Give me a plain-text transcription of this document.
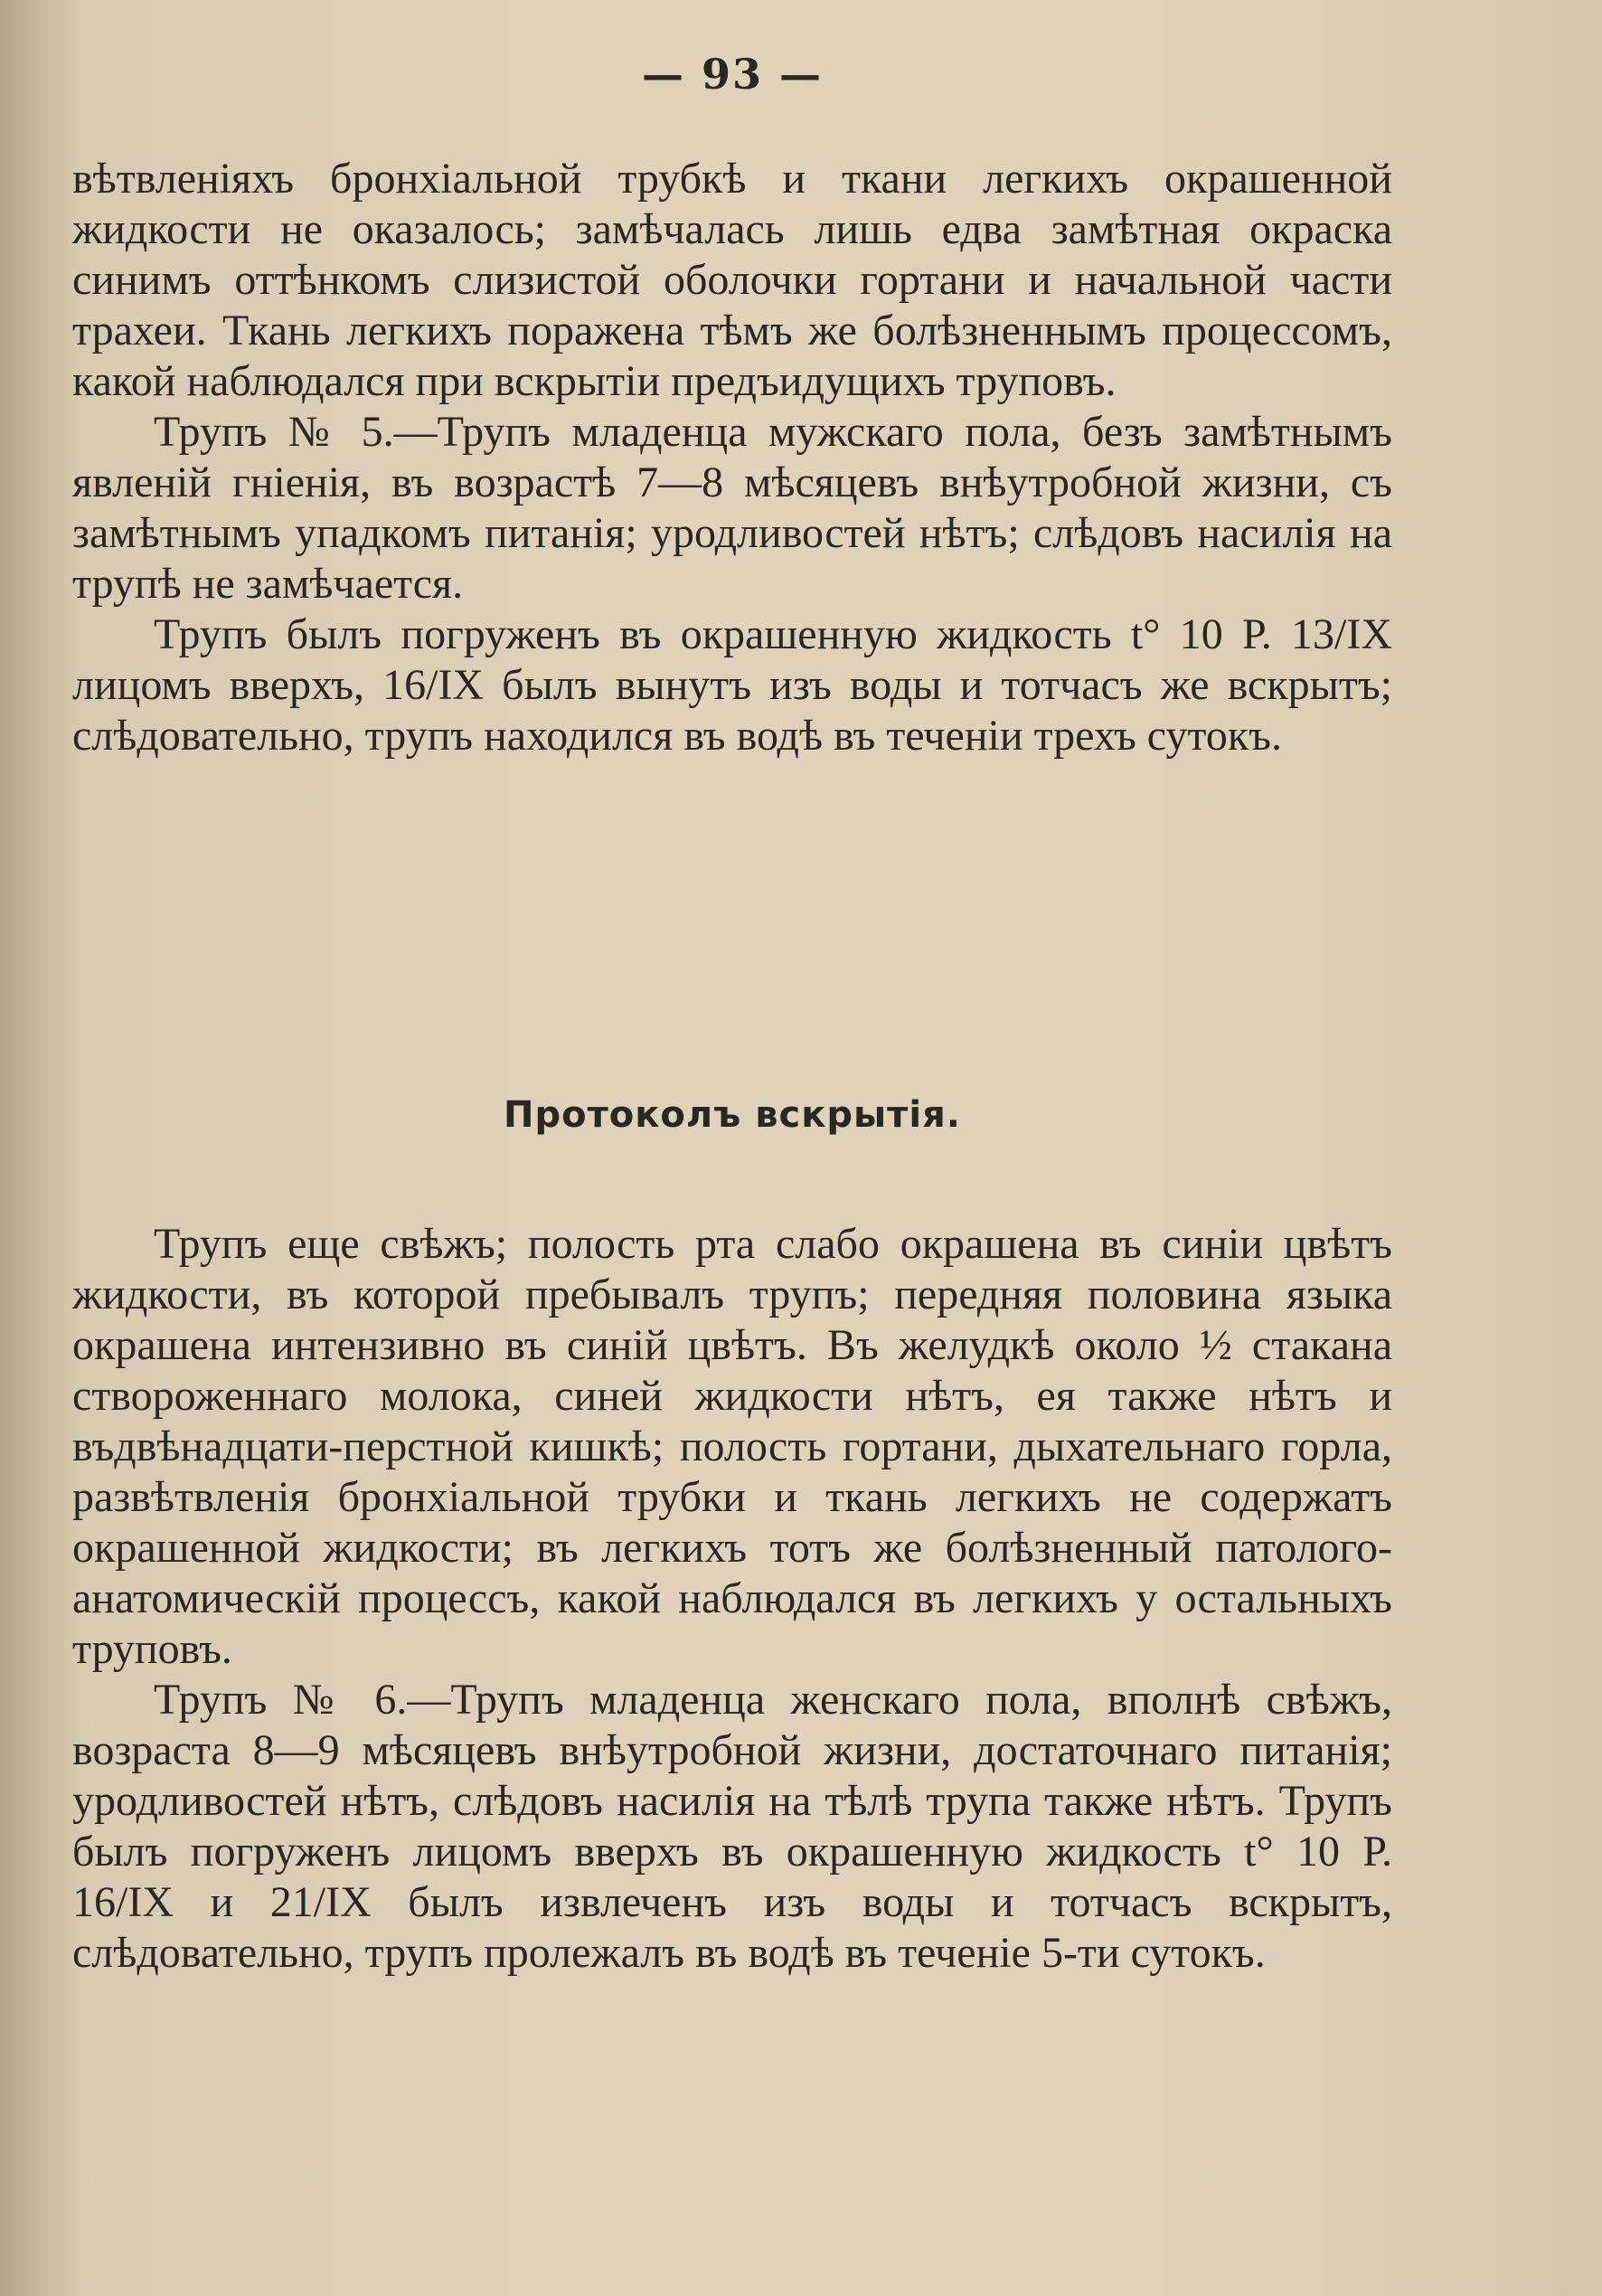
— 93 —

вѣтвленіяхъ бронхіальной трубкѣ и ткани легкихъ окрашенной жидкости не оказалось; замѣчалась лишь едва замѣтная окраска синимъ оттѣнкомъ слизистой оболочки гортани и начальной части трахеи. Ткань легкихъ поражена тѣмъ же болѣзненнымъ процессомъ, какой наблюдался при вскрытіи предъидущихъ труповъ.

Трупъ № 5.—Трупъ младенца мужскаго пола, безъ замѣтнымъ явленій гніенія, въ возрастѣ 7—8 мѣсяцевъ внѣутробной жизни, съ замѣтнымъ упадкомъ питанія; уродливостей нѣтъ; слѣдовъ насилія на трупѣ не замѣчается.

Трупъ былъ погруженъ въ окрашенную жидкость t° 10 Р. 13/IX лицомъ вверхъ, 16/IX былъ вынутъ изъ воды и тотчасъ же вскрытъ; слѣдовательно, трупъ находился въ водѣ въ теченіи трехъ сутокъ.

Протоколъ вскрытія.

Трупъ еще свѣжъ; полость рта слабо окрашена въ синіи цвѣтъ жидкости, въ которой пребывалъ трупъ; передняя половина языка окрашена интензивно въ синій цвѣтъ. Въ желудкѣ около ½ стакана створоженнаго молока, синей жидкости нѣтъ, ея также нѣтъ и въдвѣнадцати-перстной кишкѣ; полость гортани, дыхательнаго горла, развѣтвленія бронхіальной трубки и ткань легкихъ не содержатъ окрашенной жидкости; въ легкихъ тотъ же болѣзненный патолого-анатомическій процессъ, какой наблюдался въ легкихъ у остальныхъ труповъ.

Трупъ № 6.—Трупъ младенца женскаго пола, вполнѣ свѣжъ, возраста 8—9 мѣсяцевъ внѣутробной жизни, достаточнаго питанія; уродливостей нѣтъ, слѣдовъ насилія на тѣлѣ трупа также нѣтъ. Трупъ былъ погруженъ лицомъ вверхъ въ окрашенную жидкость t° 10 Р. 16/IX и 21/IX былъ извлеченъ изъ воды и тотчасъ вскрытъ, слѣдовательно, трупъ пролежалъ въ водѣ въ теченіе 5-ти сутокъ.
